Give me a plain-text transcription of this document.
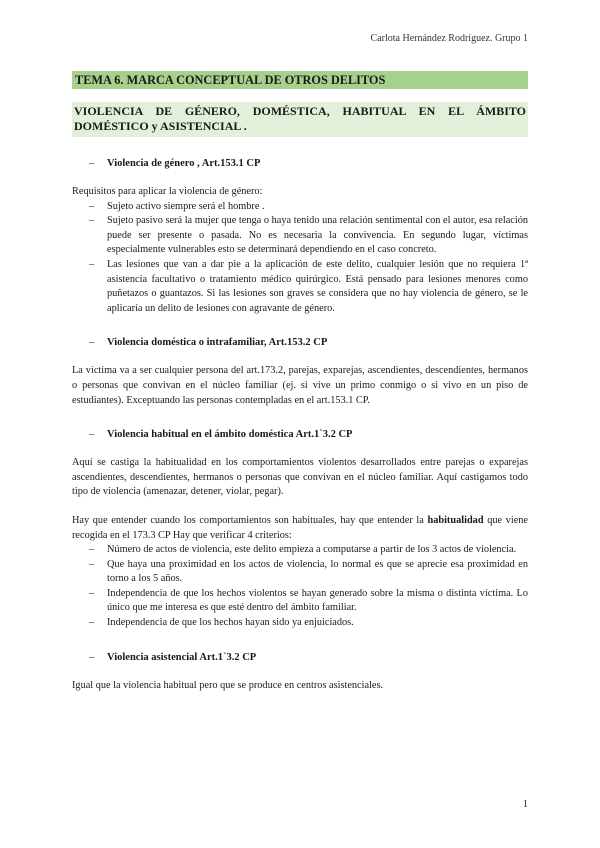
Carlota Hernández Rodríguez. Grupo 1
TEMA 6. MARCA CONCEPTUAL DE OTROS DELITOS
VIOLENCIA DE GÉNERO, DOMÉSTICA, HABITUAL EN EL ÁMBITO DOMÉSTICO y ASISTENCIAL .
–	Violencia de género , Art.153.1 CP

Requisitos para aplicar la violencia de género:

– Sujeto activo siempre será el hombre .
– Sujeto pasivo será la mujer que tenga o haya tenido una relación sentimental con el autor, esa relación puede ser presente o pasada. No es necesaria la convivencia. En segundo lugar, víctimas especialmente vulnerables esto se determinará dependiendo en el caso concreto.
– Las lesiones que van a dar pie a la aplicación de este delito, cualquier lesión que no requiera 1ª asistencia facultativo o tratamiento médico quirúrgico. Está pensado para lesiones menores como puñetazos o guantazos. Si las lesiones son graves se considera que no hay violencia de género, se le aplicaría un delito de lesiones con agravante de género.
–	Violencia doméstica o intrafamiliar, Art.153.2 CP

La víctima va a ser cualquier persona del art.173.2, parejas, exparejas, ascendientes, descendientes, hermanos o personas que convivan en el núcleo familiar (ej. si vive un primo conmigo o si vivo en un piso de estudiantes). Exceptuando las personas contempladas en el art.153.1 CP.

–	Violencia habitual en el ámbito doméstica Art.1`3.2 CP

Aquí se castiga la habitualidad en los comportamientos violentos desarrollados entre parejas o exparejas ascendientes, descendientes, hermanos o personas que convivan en el núcleo familiar. Aquí castigamos todo tipo de violencia (amenazar, detener, violar, pegar).

Hay que entender cuando los comportamientos son habituales, hay que entender la habitualidad que viene recogida en el 173.3 CP Hay que verificar 4 criterios:

– Número de actos de violencia, este delito empieza a computarse a partir de los 3 actos de violencia.
– Que haya una proximidad en los actos de violencia, lo normal es que se aprecie esa proximidad en torno a los 5 años.
– Independencia de que los hechos violentos se hayan generado sobre la misma o distinta víctima. Lo único que me interesa es que esté dentro del ámbito familiar.
– Independencia de que los hechos hayan sido ya enjuiciados.
–	Violencia asistencial Art.1`3.2 CP

Igual que la violencia habitual pero que se produce en centros asistenciales.

1
